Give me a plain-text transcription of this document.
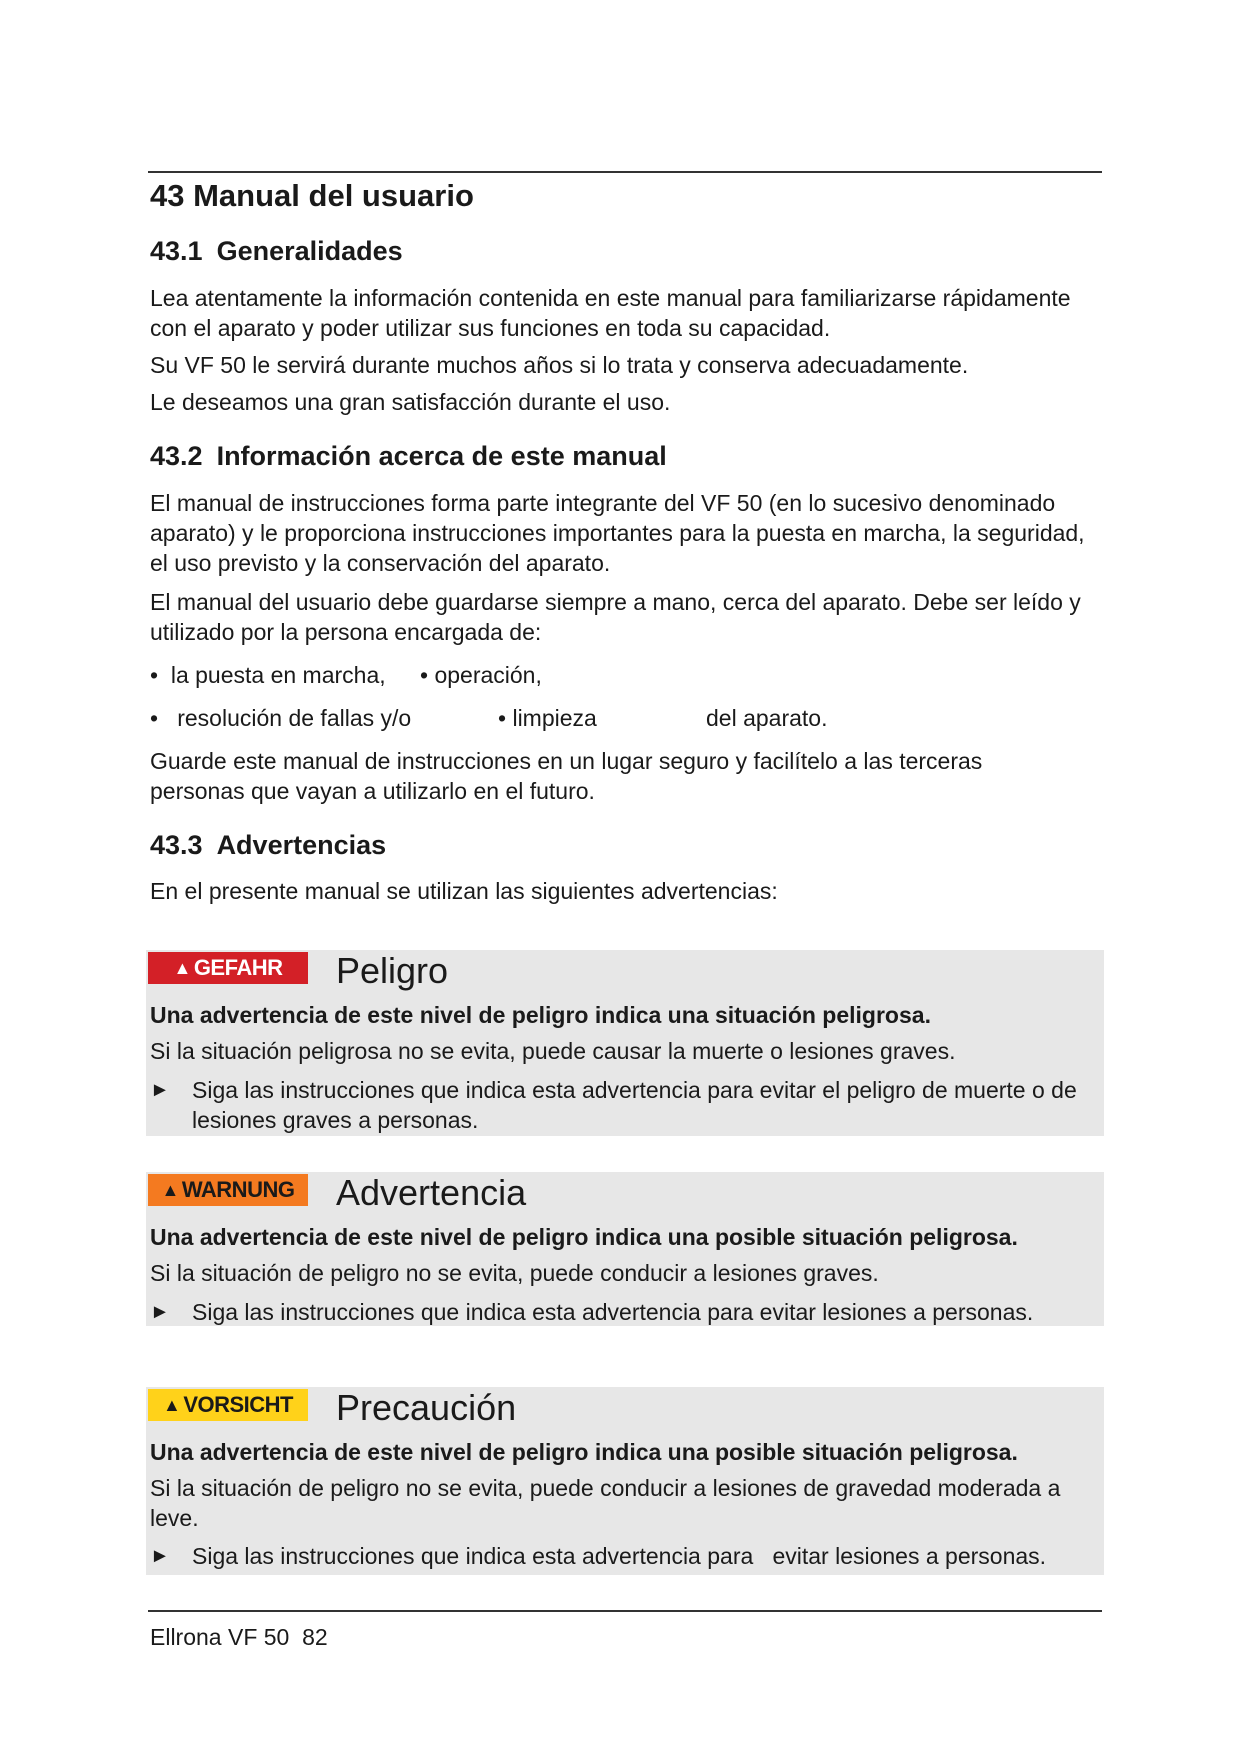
43 Manual del usuario
43.1 Generalidades
Lea atentamente la información contenida en este manual para familiarizarse rápidamente con el aparato y poder utilizar sus funciones en toda su capacidad.
Su VF 50 le servirá durante muchos años si lo trata y conserva adecuadamente.
Le deseamos una gran satisfacción durante el uso.
43.2 Información acerca de este manual
El manual de instrucciones forma parte integrante del VF 50 (en lo sucesivo denominado aparato) y le proporciona instrucciones importantes para la puesta en marcha, la seguridad, el uso previsto y la conservación del aparato.
El manual del usuario debe guardarse siempre a mano, cerca del aparato. Debe ser leído y utilizado por la persona encargada de:
•  la puesta en marcha, • operación,
•   resolución de fallas y/o	• limpieza	del aparato.
Guarde este manual de instrucciones en un lugar seguro y facilítelo a las terceras personas que vayan a utilizarlo en el futuro.
43.3 Advertencias
En el presente manual se utilizan las siguientes advertencias:
▲ GEFAHR Peligro
Una advertencia de este nivel de peligro indica una situación peligrosa.
Si la situación peligrosa no se evita, puede causar la muerte o lesiones graves.
► Siga las instrucciones que indica esta advertencia para evitar el peligro de muerte o de lesiones graves a personas.
▲ WARNUNG Advertencia
Una advertencia de este nivel de peligro indica una posible situación peligrosa.
Si la situación de peligro no se evita, puede conducir a lesiones graves.
► Siga las instrucciones que indica esta advertencia para evitar lesiones a personas.
▲ VORSICHT Precaución
Una advertencia de este nivel de peligro indica una posible situación peligrosa.
Si la situación de peligro no se evita, puede conducir a lesiones de gravedad moderada a leve.
► Siga las instrucciones que indica esta advertencia para   evitar lesiones a personas.
Ellrona VF 50 82
